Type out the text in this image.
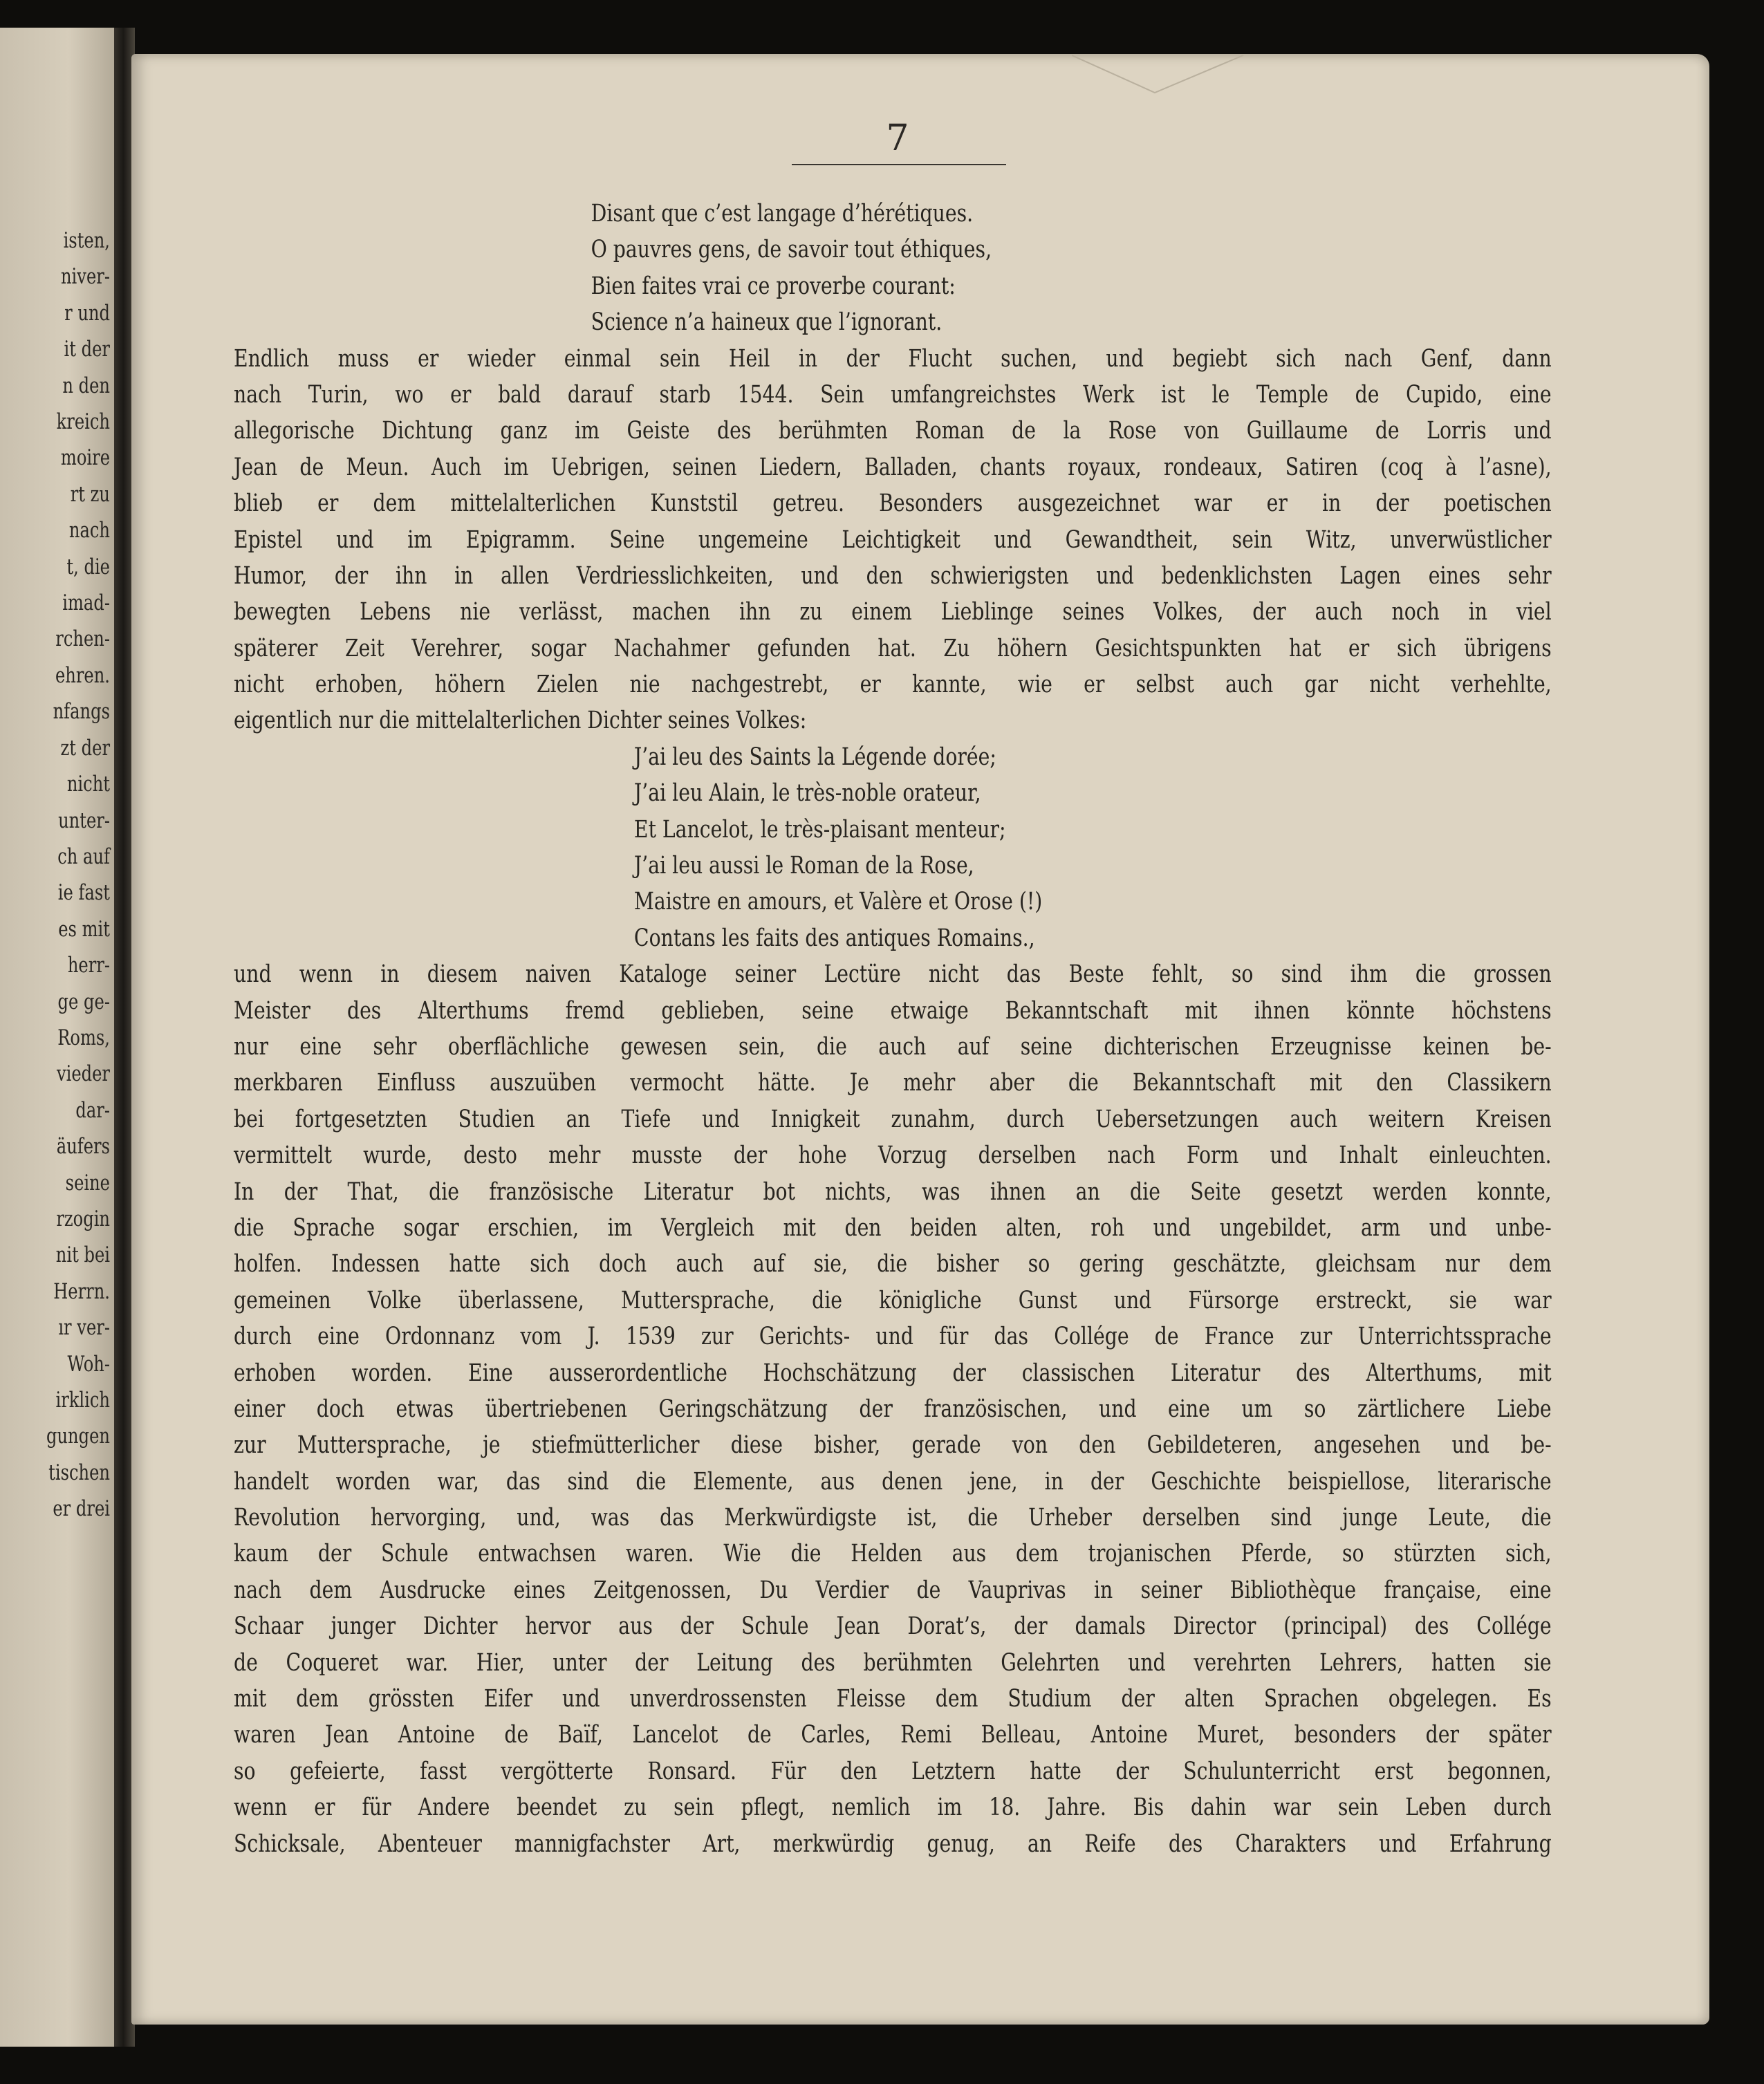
isten,
niver-
r und
it der
n den
kreich
moire
rt zu
nach
t, die
imad-
rchen-
ehren.
nfangs
zt der
nicht
unter-
ch auf
ie fast
es mit
herr-
ge ge-
Roms,
vieder
dar-
äufers
seine
rzogin
nit bei
Herrn.
ır ver-
Woh-
irklich
gungen
tischen
er drei
7
Disant que c’est langage d’hérétiques.
O pauvres gens, de savoir tout éthiques,
Bien faites vrai ce proverbe courant:
Science n’a haineux que l’ignorant.
Endlich muss er wieder einmal sein Heil in der Flucht suchen, und begiebt sich nach Genf, dann
nach Turin, wo er bald darauf starb 1544. Sein umfangreichstes Werk ist le Temple de Cupido, eine
allegorische Dichtung ganz im Geiste des berühmten Roman de la Rose von Guillaume de Lorris und
Jean de Meun. Auch im Uebrigen, seinen Liedern, Balladen, chants royaux, rondeaux, Satiren (coq à l’asne),
blieb er dem mittelalterlichen Kunststil getreu. Besonders ausgezeichnet war er in der poetischen
Epistel und im Epigramm. Seine ungemeine Leichtigkeit und Gewandtheit, sein Witz, unverwüstlicher
Humor, der ihn in allen Verdriesslichkeiten, und den schwierigsten und bedenklichsten Lagen eines sehr
bewegten Lebens nie verlässt, machen ihn zu einem Lieblinge seines Volkes, der auch noch in viel
späterer Zeit Verehrer, sogar Nachahmer gefunden hat. Zu höhern Gesichtspunkten hat er sich übrigens
nicht erhoben, höhern Zielen nie nachgestrebt, er kannte, wie er selbst auch gar nicht verhehlte,
eigentlich nur die mittelalterlichen Dichter seines Volkes:
J’ai leu des Saints la Légende dorée;
J’ai leu Alain, le très-noble orateur,
Et Lancelot, le très-plaisant menteur;
J’ai leu aussi le Roman de la Rose,
Maistre en amours, et Valère et Orose (!)
Contans les faits des antiques Romains.,
und wenn in diesem naiven Kataloge seiner Lectüre nicht das Beste fehlt, so sind ihm die grossen
Meister des Alterthums fremd geblieben, seine etwaige Bekanntschaft mit ihnen könnte höchstens
nur eine sehr oberflächliche gewesen sein, die auch auf seine dichterischen Erzeugnisse keinen be-
merkbaren Einfluss auszuüben vermocht hätte. Je mehr aber die Bekanntschaft mit den Classikern
bei fortgesetzten Studien an Tiefe und Innigkeit zunahm, durch Uebersetzungen auch weitern Kreisen
vermittelt wurde, desto mehr musste der hohe Vorzug derselben nach Form und Inhalt einleuchten.
In der That, die französische Literatur bot nichts, was ihnen an die Seite gesetzt werden konnte,
die Sprache sogar erschien, im Vergleich mit den beiden alten, roh und ungebildet, arm und unbe-
holfen. Indessen hatte sich doch auch auf sie, die bisher so gering geschätzte, gleichsam nur dem
gemeinen Volke überlassene, Muttersprache, die königliche Gunst und Fürsorge erstreckt, sie war
durch eine Ordonnanz vom J. 1539 zur Gerichts- und für das Collége de France zur Unterrichtssprache
erhoben worden. Eine ausserordentliche Hochschätzung der classischen Literatur des Alterthums, mit
einer doch etwas übertriebenen Geringschätzung der französischen, und eine um so zärtlichere Liebe
zur Muttersprache, je stiefmütterlicher diese bisher, gerade von den Gebildeteren, angesehen und be-
handelt worden war, das sind die Elemente, aus denen jene, in der Geschichte beispiellose, literarische
Revolution hervorging, und, was das Merkwürdigste ist, die Urheber derselben sind junge Leute, die
kaum der Schule entwachsen waren. Wie die Helden aus dem trojanischen Pferde, so stürzten sich,
nach dem Ausdrucke eines Zeitgenossen, Du Verdier de Vauprivas in seiner Bibliothèque française, eine
Schaar junger Dichter hervor aus der Schule Jean Dorat’s, der damals Director (principal) des Collége
de Coqueret war. Hier, unter der Leitung des berühmten Gelehrten und verehrten Lehrers, hatten sie
mit dem grössten Eifer und unverdrossensten Fleisse dem Studium der alten Sprachen obgelegen. Es
waren Jean Antoine de Baïf, Lancelot de Carles, Remi Belleau, Antoine Muret, besonders der später
so gefeierte, fasst vergötterte Ronsard. Für den Letztern hatte der Schulunterricht erst begonnen,
wenn er für Andere beendet zu sein pflegt, nemlich im 18. Jahre. Bis dahin war sein Leben durch
Schicksale, Abenteuer mannigfachster Art, merkwürdig genug, an Reife des Charakters und Erfahrung
